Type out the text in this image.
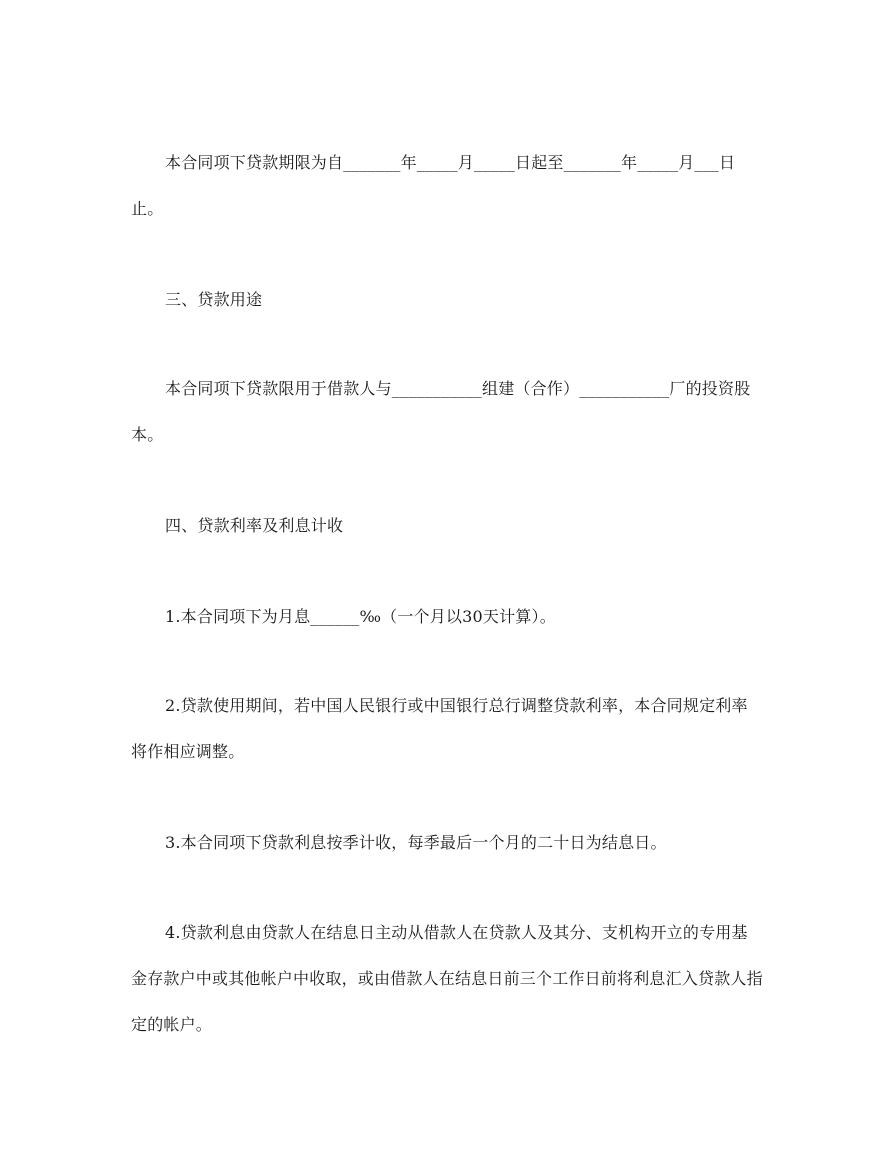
本合同项下贷款期限为自_______年_____月_____日起至_______年_____月___日止。

三、贷款用途

本合同项下贷款限用于借款人与___________组建（合作）___________厂的投资股本。

四、贷款利率及利息计收

1.本合同项下为月息______‰（一个月以30天计算）。

2.贷款使用期间，若中国人民银行或中国银行总行调整贷款利率，本合同规定利率将作相应调整。

3.本合同项下贷款利息按季计收，每季最后一个月的二十日为结息日。

4.贷款利息由贷款人在结息日主动从借款人在贷款人及其分、支机构开立的专用基金存款户中或其他帐户中收取，或由借款人在结息日前三个工作日前将利息汇入贷款人指定的帐户。
